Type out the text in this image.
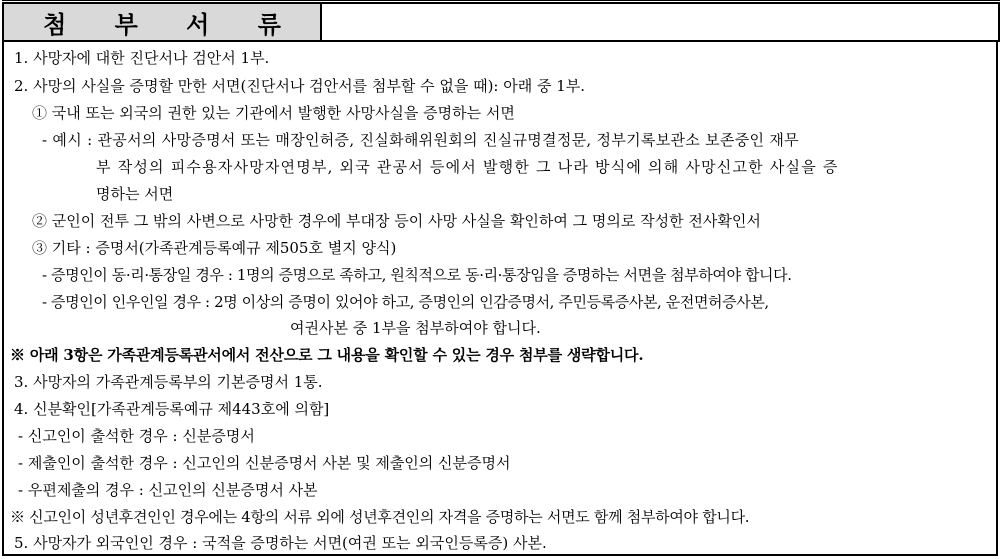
첨 부 서 류
1. 사망자에 대한 진단서나 검안서 1부.
2. 사망의 사실을 증명할 만한 서면(진단서나 검안서를 첨부할 수 없을 때): 아래 중 1부.
① 국내 또는 외국의 권한 있는 기관에서 발행한 사망사실을 증명하는 서면
- 예시 : 관공서의 사망증명서 또는 매장인허증, 진실화해위원회의 진실규명결정문, 정부기록보관소 보존중인 재무
부 작성의 피수용자사망자연명부, 외국 관공서 등에서 발행한 그 나라 방식에 의해 사망신고한 사실을 증
명하는 서면
② 군인이 전투 그 밖의 사변으로 사망한 경우에 부대장 등이 사망 사실을 확인하여 그 명의로 작성한 전사확인서
③ 기타 : 증명서(가족관계등록예규 제505호 별지 양식)
- 증명인이 동·리·통장일 경우 : 1명의 증명으로 족하고, 원칙적으로 동·리·통장임을 증명하는 서면을 첨부하여야 합니다.
- 증명인이 인우인일 경우 : 2명 이상의 증명이 있어야 하고, 증명인의 인감증명서, 주민등록증사본, 운전면허증사본,
여권사본 중 1부을 첨부하여야 합니다.
※ 아래 3항은 가족관계등록관서에서 전산으로 그 내용을 확인할 수 있는 경우 첨부를 생략합니다.
3. 사망자의 가족관계등록부의 기본증명서 1통.
4. 신분확인[가족관계등록예규 제443호에 의함]
- 신고인이 출석한 경우 : 신분증명서
- 제출인이 출석한 경우 : 신고인의 신분증명서 사본 및 제출인의 신분증명서
- 우편제출의 경우 : 신고인의 신분증명서 사본
※ 신고인이 성년후견인인 경우에는 4항의 서류 외에 성년후견인의 자격을 증명하는 서면도 함께 첨부하여야 합니다.
5. 사망자가 외국인인 경우 : 국적을 증명하는 서면(여권 또는 외국인등록증) 사본.
